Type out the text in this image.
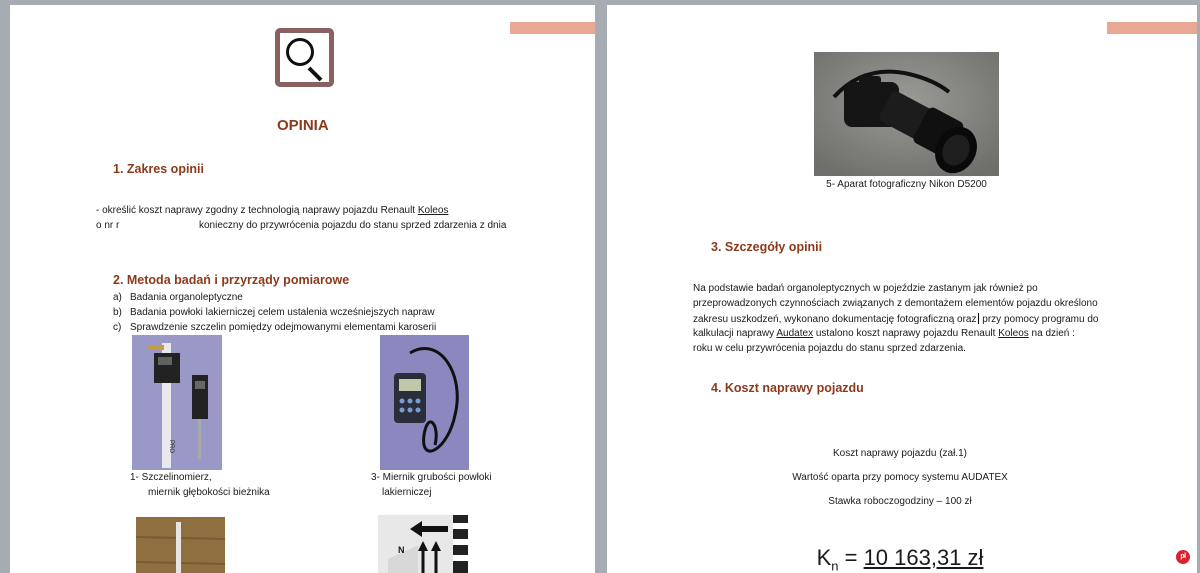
OPINIA
1. Zakres opinii
- określić koszt naprawy zgodny z technologią naprawy pojazdu Renault Koleos
o nr r	konieczny do przywrócenia pojazdu do stanu sprzed zdarzenia z dnia
2. Metoda badań i przyrządy pomiarowe
a) Badania organoleptyczne
b) Badania powłoki lakierniczej celem ustalenia wcześniejszych napraw
c) Sprawdzenie szczelin pomiędzy odejmowanymi elementami karoserii
PRO
1- Szczelinomierz,
miernik głębokości bieżnika
3- Miernik grubości powłoki
lakierniczej
N
5- Aparat fotograficzny Nikon D5200
3. Szczegóły opinii
Na podstawie badań organoleptycznych w pojeździe zastanym jak również po
przeprowadzonych czynnościach związanych z demontażem elementów pojazdu określono
zakresu uszkodzeń, wykonano dokumentację fotograficzną oraz przy pomocy programu do
kalkulacji naprawy Audatex ustalono koszt naprawy pojazdu Renault Koleos na dzień :
roku w celu przywrócenia pojazdu do stanu sprzed zdarzenia.
4. Koszt naprawy pojazdu
Koszt naprawy pojazdu (zał.1)
Wartość oparta przy pomocy systemu AUDATEX
Stawka roboczogodziny – 100 zł
$K_n = 10$ 163,31 zł	Lento pl
